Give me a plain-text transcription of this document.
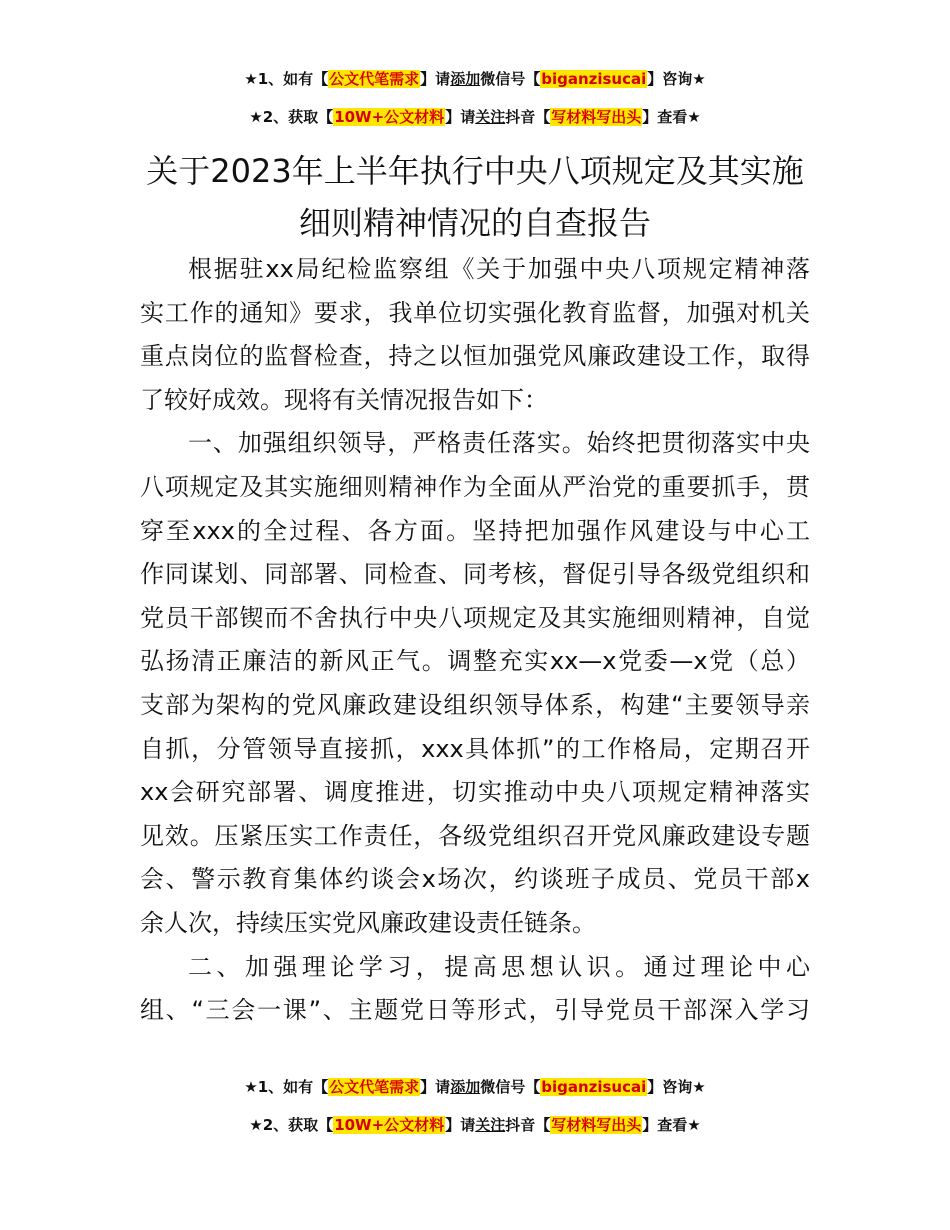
★1、如有【公文代笔需求】请添加微信号【biganzisucai】咨询★
★2、获取【10W+公文材料】请关注抖音【写材料写出头】查看★
关于2023年上半年执行中央八项规定及其实施
细则精神情况的自查报告
根据驻xx局纪检监察组《关于加强中央八项规定精神落
实工作的通知》要求，我单位切实强化教育监督，加强对机关
重点岗位的监督检查，持之以恒加强党风廉政建设工作，取得
了较好成效。现将有关情况报告如下：
一、加强组织领导，严格责任落实。始终把贯彻落实中央
八项规定及其实施细则精神作为全面从严治党的重要抓手，贯
穿至xxx的全过程、各方面。坚持把加强作风建设与中心工
作同谋划、同部署、同检查、同考核，督促引导各级党组织和
党员干部锲而不舍执行中央八项规定及其实施细则精神，自觉
弘扬清正廉洁的新风正气。调整充实xx—x党委—x党（总）
支部为架构的党风廉政建设组织领导体系，构建“主要领导亲
自抓，分管领导直接抓，xxx具体抓”的工作格局，定期召开
xx会研究部署、调度推进，切实推动中央八项规定精神落实
见效。压紧压实工作责任，各级党组织召开党风廉政建设专题
会、警示教育集体约谈会x场次，约谈班子成员、党员干部x
余人次，持续压实党风廉政建设责任链条。
二、加强理论学习，提高思想认识。通过理论中心
组、“三会一课”、主题党日等形式，引导党员干部深入学习
★1、如有【公文代笔需求】请添加微信号【biganzisucai】咨询★
★2、获取【10W+公文材料】请关注抖音【写材料写出头】查看★
